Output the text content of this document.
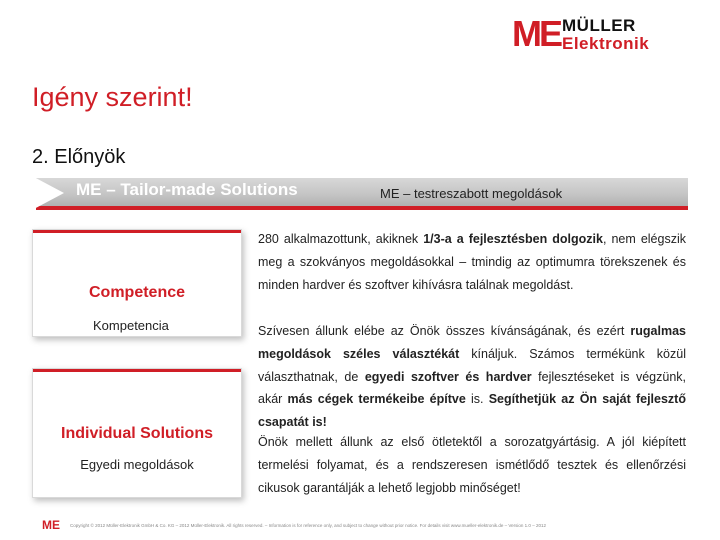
ME MÜLLER
Elektronik
Igény szerint!
2. Előnyök
ME – Tailor-made Solutions	ME – testreszabott megoldások
Competence
Kompetencia
Individual Solutions
Egyedi megoldások
280 alkalmazottunk, akiknek 1/3-a a fejlesztésben dolgozik, nem elégszik meg a szokványos megoldásokkal – tmindig az optimumra törekszenek és minden hardver és szoftver kihívásra találnak megoldást.
Szívesen állunk elébe az Önök összes kívánságának, és ezért rugalmas megoldások széles választékát kínáljuk. Számos termékünk közül választhatnak, de egyedi szoftver és hardver fejlesztéseket is végzünk, akár más cégek termékeibe építve is. Segíthetjük az Ön saját fejlesztő csapatát is!
Önök mellett állunk az első ötletektől a sorozatgyártásig. A jól kiépített termelési folyamat, és a rendszeresen ismétlődő tesztek és ellenőrzési cikusok garantálják a lehető legjobb minőséget!
ME Copyright © 2012 Müller-Elektronik GmbH & Co. KG – 2012 Müller-Elektronik. All rights reserved. – Information is for reference only, and subject to change without prior notice. For details visit www.mueller-elektronik.de – Version 1.0 – 2012
